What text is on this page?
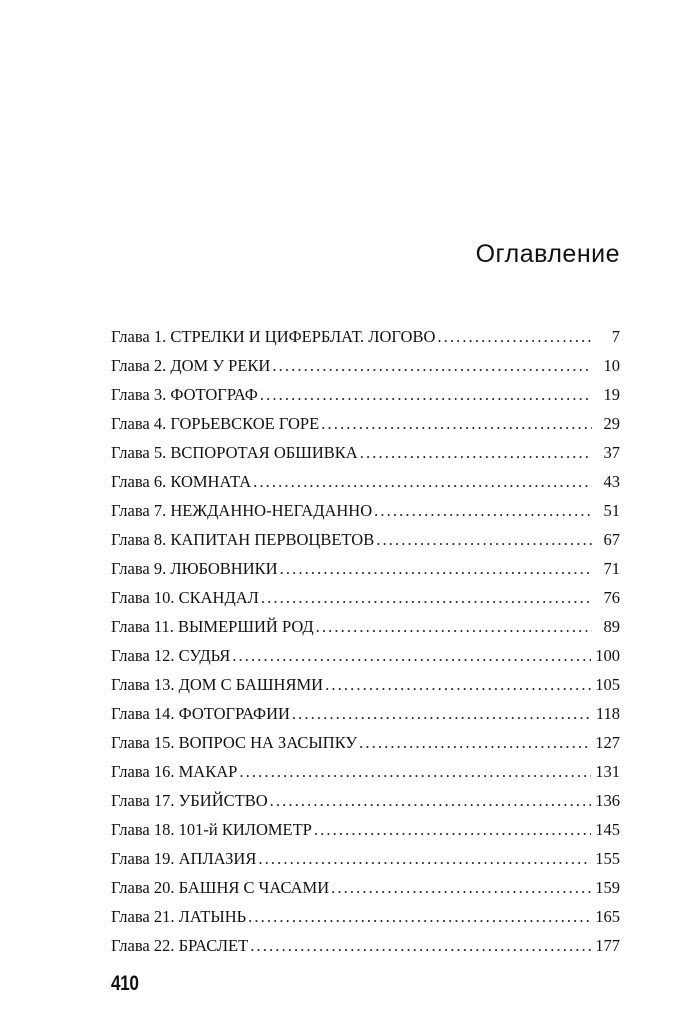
Оглавление
Глава 1. СТРЕЛКИ И ЦИФЕРБЛАТ. ЛОГОВО . . .	7
Глава 2. ДОМ У РЕКИ . . .	10
Глава 3. ФОТОГРАФ . . .	19
Глава 4. ГОРЬЕВСКОЕ ГОРЕ . . .	29
Глава 5. ВСПОРОТАЯ ОБШИВКА . . .	37
Глава 6. КОМНАТА . . .	43
Глава 7. НЕЖДАННО-НЕГАДАННО . . .	51
Глава 8. КАПИТАН ПЕРВОЦВЕТОВ . . .	67
Глава 9. ЛЮБОВНИКИ . . .	71
Глава 10. СКАНДАЛ . . .	76
Глава 11. ВЫМЕРШИЙ РОД . . .	89
Глава 12. СУДЬЯ . . .	100
Глава 13. ДОМ С БАШНЯМИ . . .	105
Глава 14. ФОТОГРАФИИ . . .	118
Глава 15. ВОПРОС НА ЗАСЫПКУ . . .	127
Глава 16. МАКАР . . .	131
Глава 17. УБИЙСТВО . . .	136
Глава 18. 101-й КИЛОМЕТР . . .	145
Глава 19. АПЛАЗИЯ . . .	155
Глава 20. БАШНЯ С ЧАСАМИ . . .	159
Глава 21. ЛАТЫНЬ . . .	165
Глава 22. БРАСЛЕТ . . .	177
410
